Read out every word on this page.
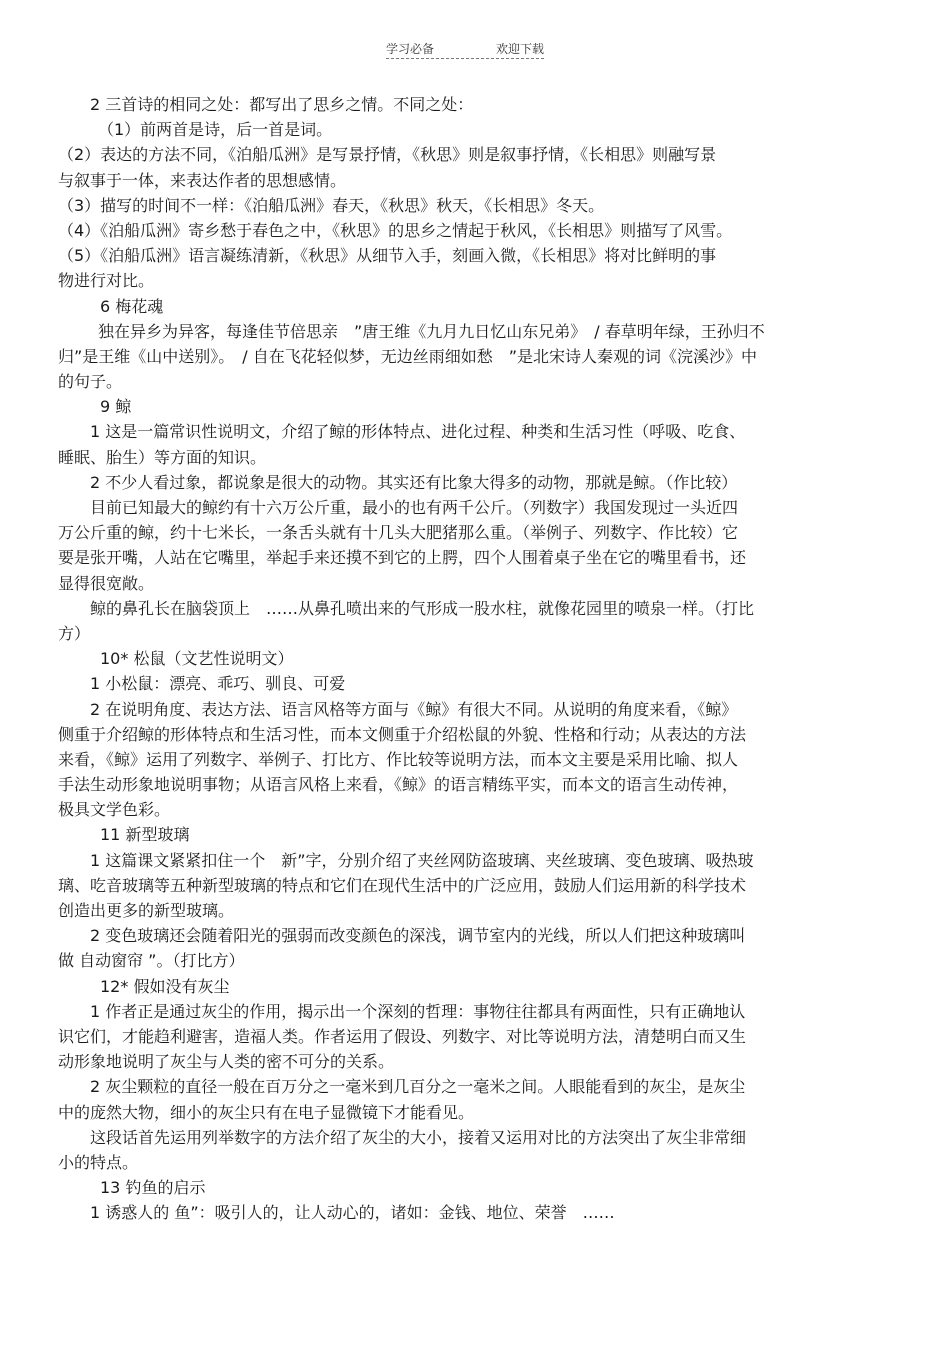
学习必备	欢迎下载
2 三首诗的相同之处：都写出了思乡之情。不同之处：
（1）前两首是诗，后一首是词。
（2）表达的方法不同，《泊船瓜洲》是写景抒情，《秋思》则是叙事抒情，《长相思》则融写景
与叙事于一体，来表达作者的思想感情。
（3）描写的时间不一样：《泊船瓜洲》春天，《秋思》秋天，《长相思》冬天。
（4）《泊船瓜洲》寄乡愁于春色之中，《秋思》的思乡之情起于秋风，《长相思》则描写了风雪。
（5）《泊船瓜洲》语言凝练清新，《秋思》从细节入手，刻画入微，《长相思》将对比鲜明的事
物进行对比。
6 梅花魂
独在异乡为异客，每逢佳节倍思亲　”唐王维《九月九日忆山东兄弟》　/ 春草明年绿，王孙归不
归”是王维《山中送别》。　/ 自在飞花轻似梦，无边丝雨细如愁　”是北宋诗人秦观的词《浣溪沙》中
的句子。
9 鲸
1 这是一篇常识性说明文，介绍了鲸的形体特点、进化过程、种类和生活习性（呼吸、吃食、
睡眠、胎生）等方面的知识。
2 不少人看过象，都说象是很大的动物。其实还有比象大得多的动物，那就是鲸。（作比较）
目前已知最大的鲸约有十六万公斤重，最小的也有两千公斤。（列数字）我国发现过一头近四
万公斤重的鲸，约十七米长，一条舌头就有十几头大肥猪那么重。（举例子、列数字、作比较）它
要是张开嘴，人站在它嘴里，举起手来还摸不到它的上腭，四个人围着桌子坐在它的嘴里看书，还
显得很宽敞。
鲸的鼻孔长在脑袋顶上　……从鼻孔喷出来的气形成一股水柱，就像花园里的喷泉一样。（打比
方）
10* 松鼠（文艺性说明文）
1 小松鼠：漂亮、乖巧、驯良、可爱
2 在说明角度、表达方法、语言风格等方面与《鲸》有很大不同。从说明的角度来看，《鲸》
侧重于介绍鲸的形体特点和生活习性，而本文侧重于介绍松鼠的外貌、性格和行动；从表达的方法
来看，《鲸》运用了列数字、举例子、打比方、作比较等说明方法，而本文主要是采用比喻、拟人
手法生动形象地说明事物；从语言风格上来看，《鲸》的语言精练平实，而本文的语言生动传神，
极具文学色彩。
11 新型玻璃
1 这篇课文紧紧扣住一个　新”字，分别介绍了夹丝网防盗玻璃、夹丝玻璃、变色玻璃、吸热玻
璃、吃音玻璃等五种新型玻璃的特点和它们在现代生活中的广泛应用，鼓励人们运用新的科学技术
创造出更多的新型玻璃。
2 变色玻璃还会随着阳光的强弱而改变颜色的深浅，调节室内的光线，所以人们把这种玻璃叫
做 自动窗帘 ”。（打比方）
12* 假如没有灰尘
1 作者正是通过灰尘的作用，揭示出一个深刻的哲理：事物往往都具有两面性，只有正确地认
识它们，才能趋利避害，造福人类。作者运用了假设、列数字、对比等说明方法，清楚明白而又生
动形象地说明了灰尘与人类的密不可分的关系。
2 灰尘颗粒的直径一般在百万分之一毫米到几百分之一毫米之间。人眼能看到的灰尘，是灰尘
中的庞然大物，细小的灰尘只有在电子显微镜下才能看见。
这段话首先运用列举数字的方法介绍了灰尘的大小，接着又运用对比的方法突出了灰尘非常细
小的特点。
13 钓鱼的启示
1 诱惑人的 鱼”：吸引人的，让人动心的，诸如：金钱、地位、荣誉　……
